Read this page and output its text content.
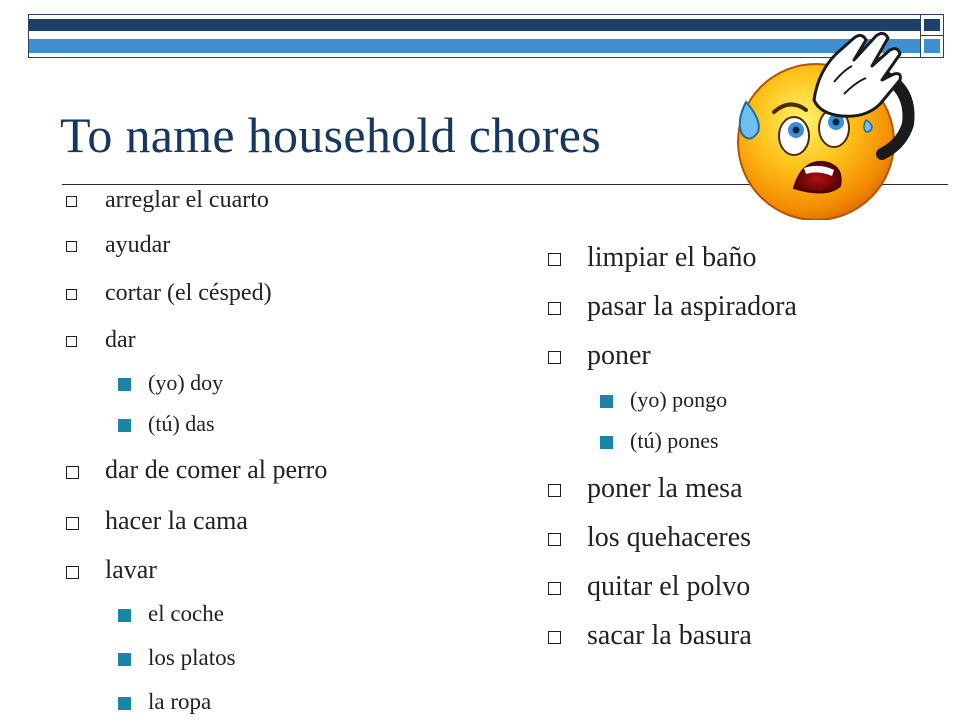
To name household chores
arreglar el cuarto
ayudar
cortar (el césped)
dar
(yo) doy
(tú) das
dar de comer al perro
hacer la cama
lavar
el coche
los platos
la ropa
limpiar el baño
pasar la aspiradora
poner
(yo) pongo
(tú) pones
poner la mesa
los quehaceres
quitar el polvo
sacar la basura
